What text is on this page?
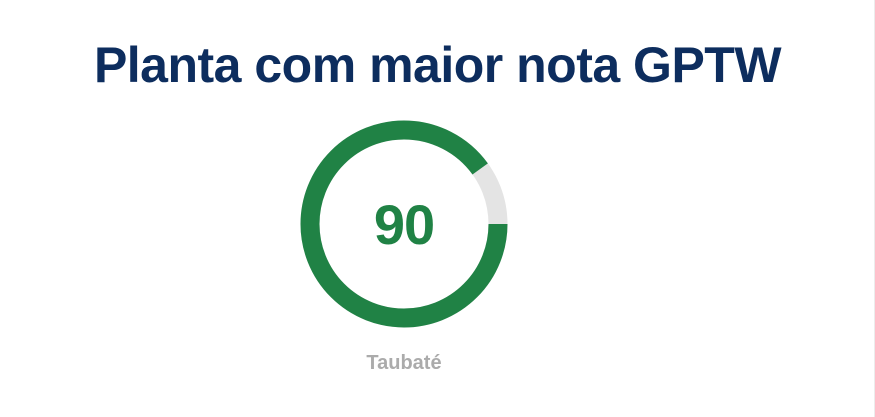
Planta com maior nota GPTW
90
Taubaté
